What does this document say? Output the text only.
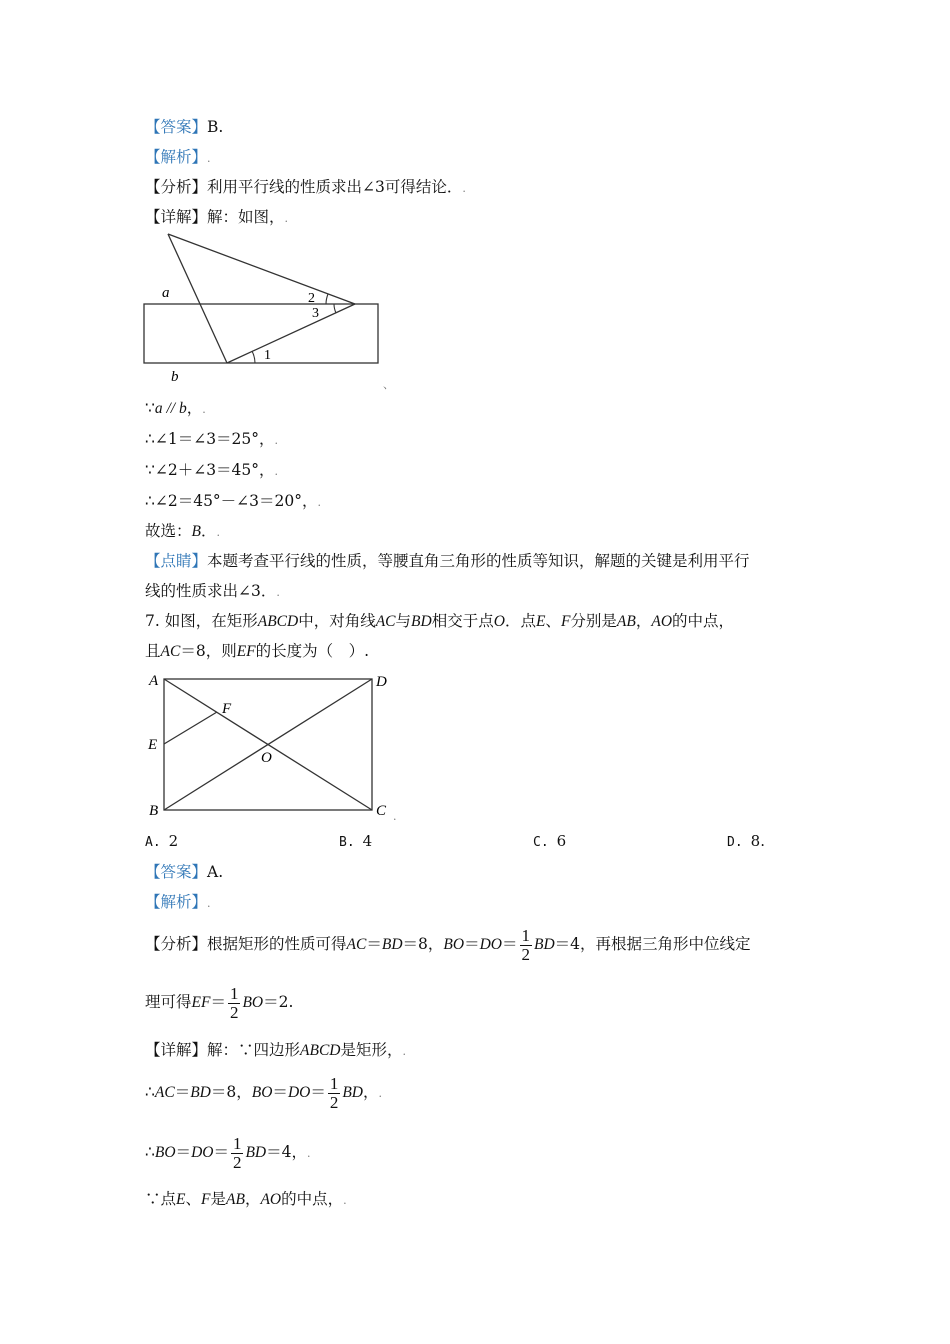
【答案】B.
【解析】.
【分析】利用平行线的性质求出∠3可得结论．.
【详解】解：如图，.
a
b
1
2
3
、
∵a // b，.
∴∠1＝∠3＝25°，.
∵∠2＋∠3＝45°，.
∴∠2＝45°－∠3＝20°，.
故选：B．.
【点睛】本题考查平行线的性质，等腰直角三角形的性质等知识，解题的关键是利用平行
线的性质求出∠3．.
7. 如图，在矩形ABCD中，对角线AC与BD相交于点O．点E、F分别是AB，AO的中点，
且AC＝8，则EF的长度为（　）.
A	D
F
E
O
B	C .
A. 2	B. 4	C. 6	D. 8.
【答案】A.
【解析】.
【分析】根据矩形的性质可得AC＝BD＝8，$BO=DO= \frac{1}{2} BD=4$，再根据三角形中位线定
理可得$EF= \frac{1}{2} BO=2$.
【详解】解：∵四边形ABCD是矩形，.
∴AC＝BD＝8，$BO=DO= \frac{1}{2}$ BD，.
∴BO＝DO＝ $\frac{1}{2} BD=4$，.
∵点E、F是AB，AO的中点，.
